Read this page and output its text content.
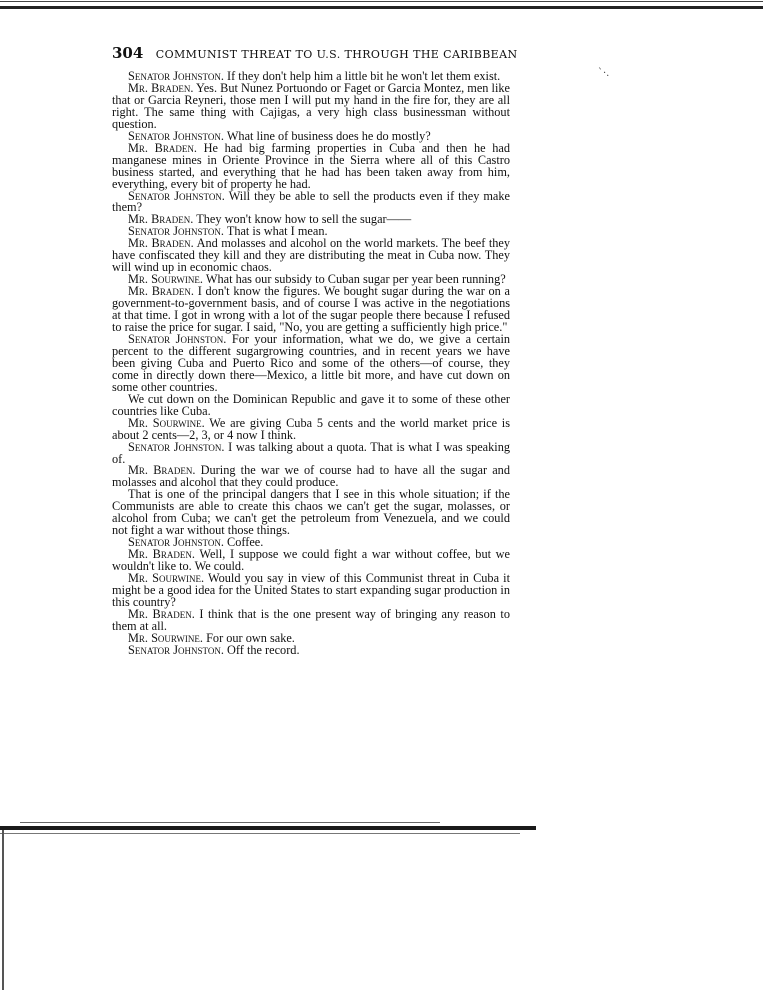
304 COMMUNIST THREAT TO U.S. THROUGH THE CARIBBEAN
`·.

Senator Johnston. If they don't help him a little bit he won't let them exist.

Mr. Braden. Yes. But Nunez Portuondo or Faget or Garcia Montez, men like that or Garcia Reyneri, those men I will put my hand in the fire for, they are all right. The same thing with Cajigas, a very high class businessman without question.

Senator Johnston. What line of business does he do mostly?

Mr. Braden. He had big farming properties in Cuba and then he had manganese mines in Oriente Province in the Sierra where all of this Castro business started, and everything that he had has been taken away from him, everything, every bit of property he had.

Senator Johnston. Will they be able to sell the products even if they make them?

Mr. Braden. They won't know how to sell the sugar——

Senator Johnston. That is what I mean.

Mr. Braden. And molasses and alcohol on the world markets. The beef they have confiscated they kill and they are distributing the meat in Cuba now. They will wind up in economic chaos.

Mr. Sourwine. What has our subsidy to Cuban sugar per year been running?

Mr. Braden. I don't know the figures. We bought sugar during the war on a government-to-government basis, and of course I was active in the negotiations at that time. I got in wrong with a lot of the sugar people there because I refused to raise the price for sugar. I said, "No, you are getting a sufficiently high price."

Senator Johnston. For your information, what we do, we give a certain percent to the different sugargrowing countries, and in recent years we have been giving Cuba and Puerto Rico and some of the others—of course, they come in directly down there—Mexico, a little bit more, and have cut down on some other countries.

We cut down on the Dominican Republic and gave it to some of these other countries like Cuba.

Mr. Sourwine. We are giving Cuba 5 cents and the world market price is about 2 cents—2, 3, or 4 now I think.

Senator Johnston. I was talking about a quota. That is what I was speaking of.

Mr. Braden. During the war we of course had to have all the sugar and molasses and alcohol that they could produce.

That is one of the principal dangers that I see in this whole situation; if the Communists are able to create this chaos we can't get the sugar, molasses, or alcohol from Cuba; we can't get the petroleum from Venezuela, and we could not fight a war without those things.

Senator Johnston. Coffee.

Mr. Braden. Well, I suppose we could fight a war without coffee, but we wouldn't like to. We could.

Mr. Sourwine. Would you say in view of this Communist threat in Cuba it might be a good idea for the United States to start expanding sugar production in this country?

Mr. Braden. I think that is the one present way of bringing any reason to them at all.

Mr. Sourwine. For our own sake.

Senator Johnston. Off the record.
